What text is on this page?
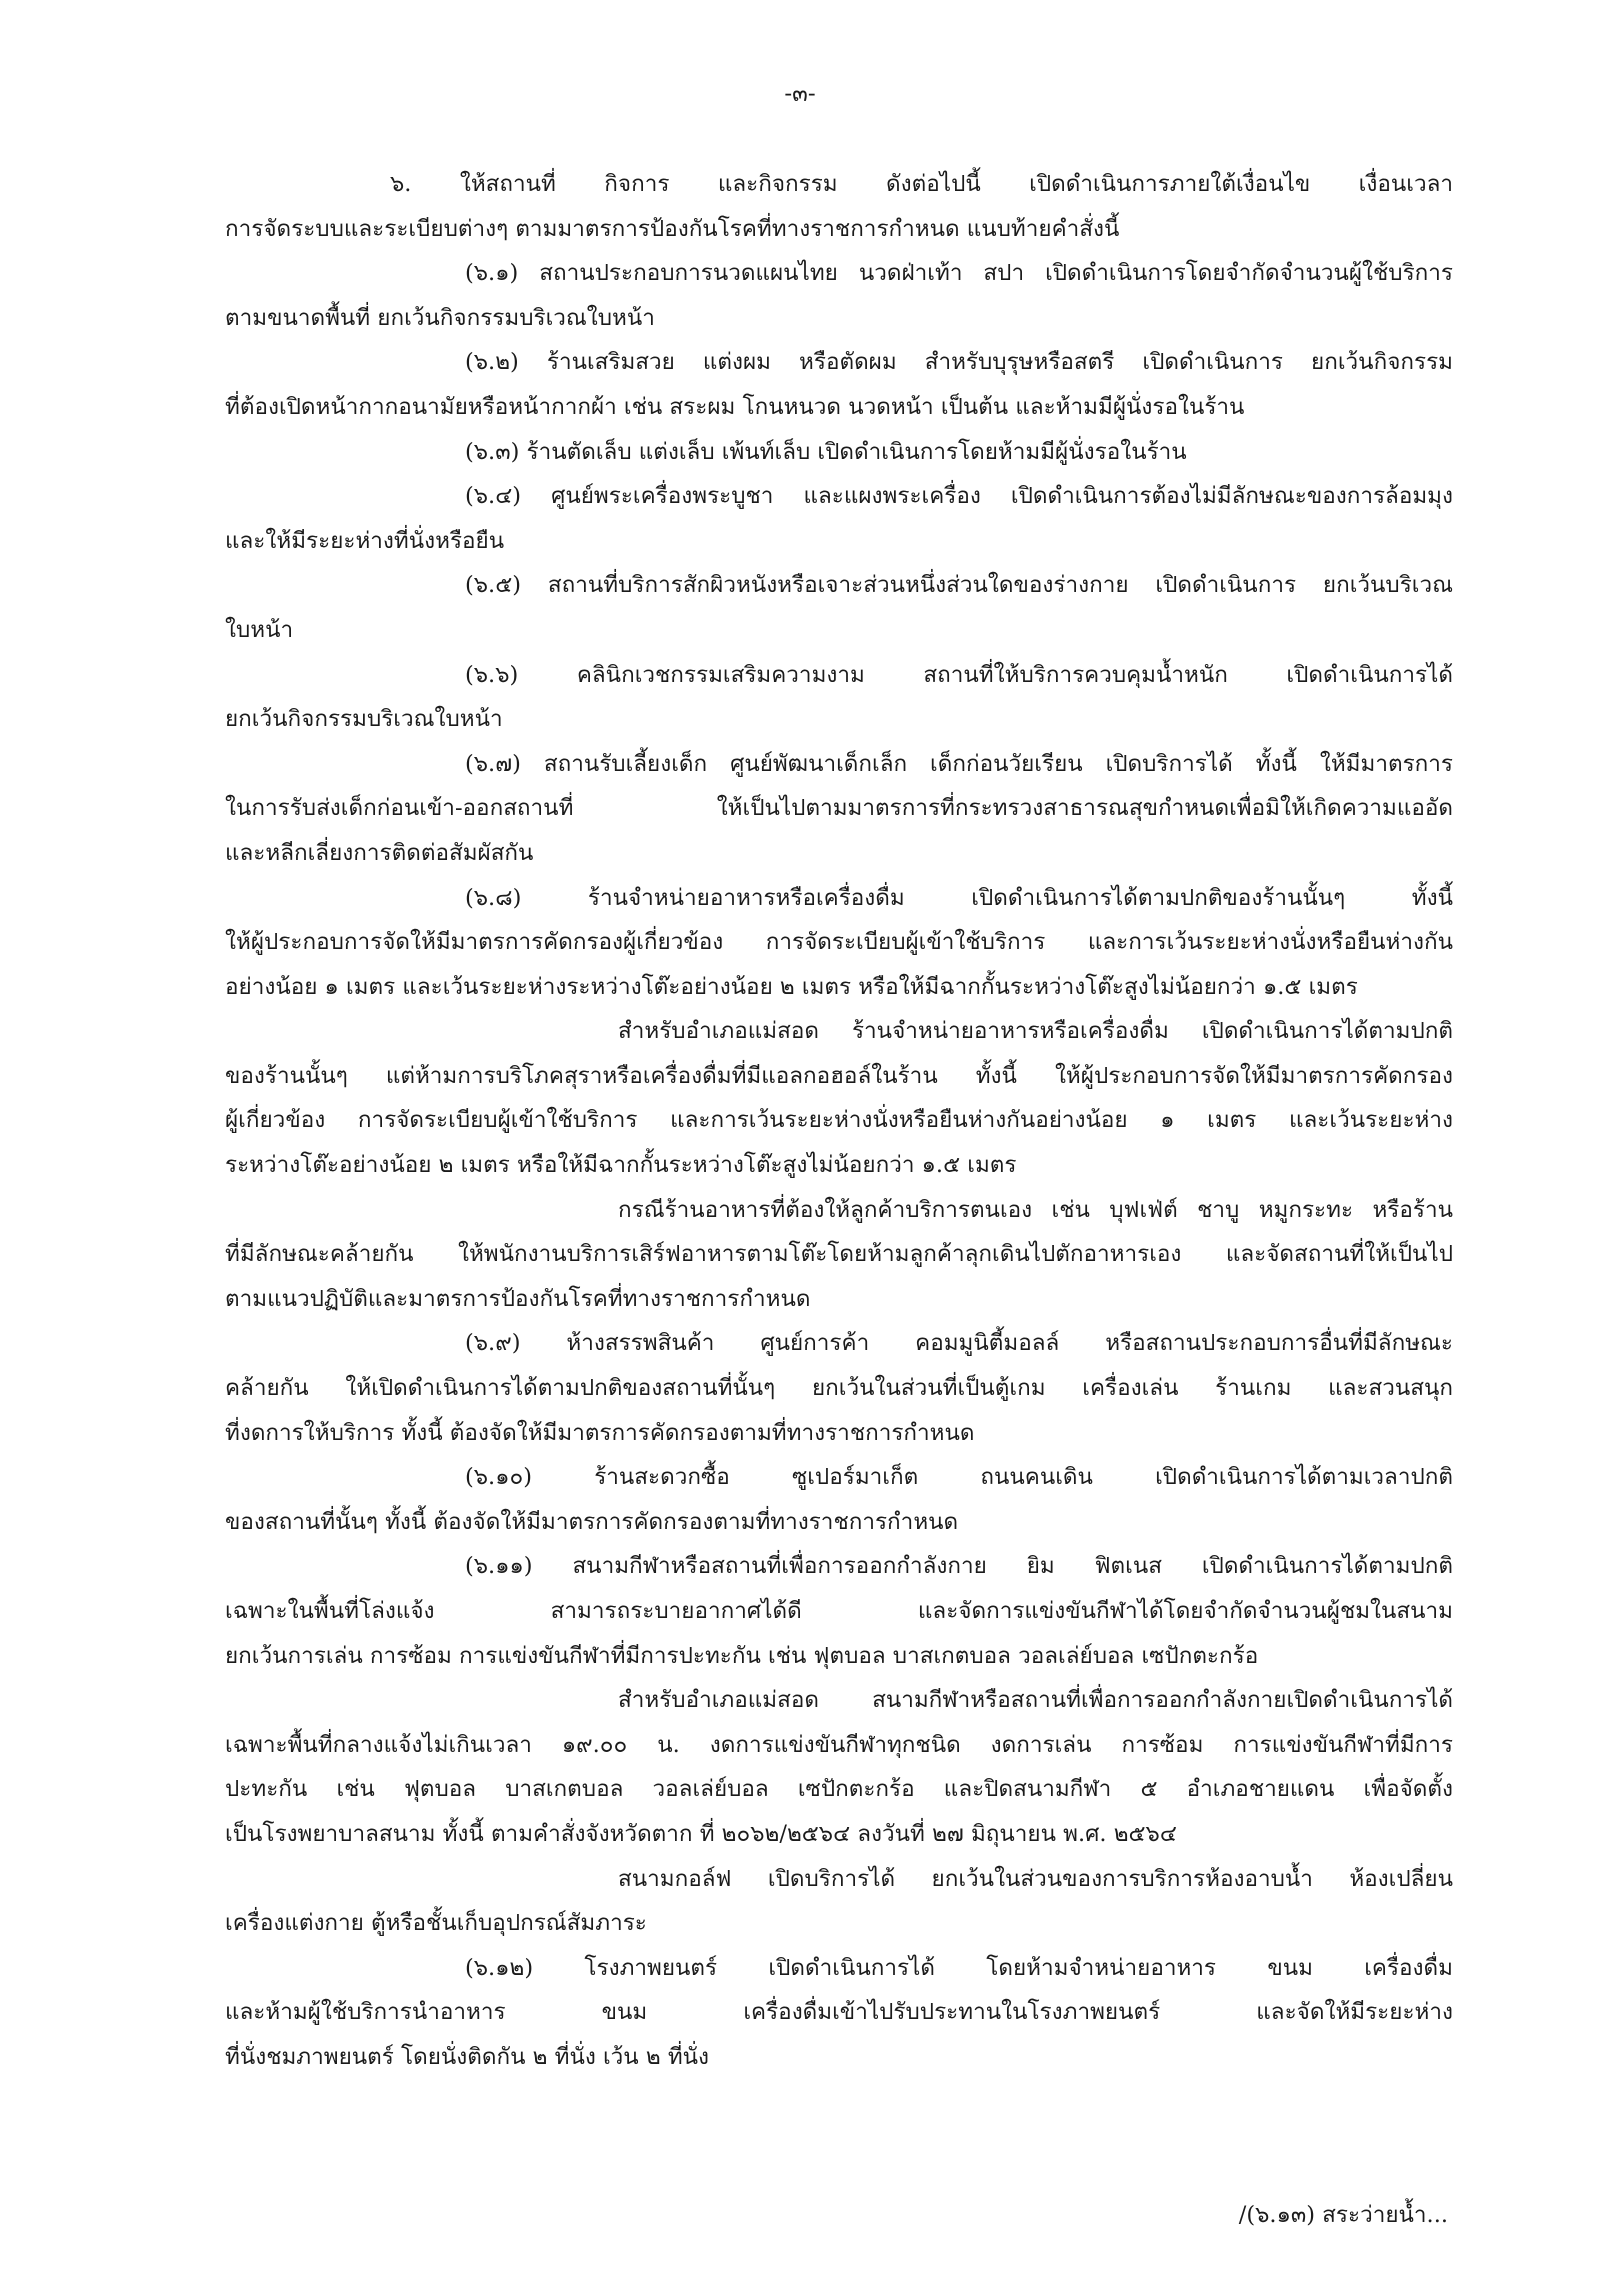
-๓-
๖. ให้สถานที่ กิจการ และกิจกรรม ดังต่อไปนี้ เปิดดำเนินการภายใต้เงื่อนไข เงื่อนเวลา
การจัดระบบและระเบียบต่างๆ ตามมาตรการป้องกันโรคที่ทางราชการกำหนด แนบท้ายคำสั่งนี้
(๖.๑) สถานประกอบการนวดแผนไทย นวดฝ่าเท้า สปา เปิดดำเนินการโดยจำกัดจำนวนผู้ใช้บริการ
ตามขนาดพื้นที่ ยกเว้นกิจกรรมบริเวณใบหน้า
(๖.๒) ร้านเสริมสวย แต่งผม หรือตัดผม สำหรับบุรุษหรือสตรี เปิดดำเนินการ ยกเว้นกิจกรรม
ที่ต้องเปิดหน้ากากอนามัยหรือหน้ากากผ้า เช่น สระผม โกนหนวด นวดหน้า เป็นต้น และห้ามมีผู้นั่งรอในร้าน
(๖.๓) ร้านตัดเล็บ แต่งเล็บ เพ้นท์เล็บ เปิดดำเนินการโดยห้ามมีผู้นั่งรอในร้าน
(๖.๔) ศูนย์พระเครื่องพระบูชา และแผงพระเครื่อง เปิดดำเนินการต้องไม่มีลักษณะของการล้อมมุง
และให้มีระยะห่างที่นั่งหรือยืน
(๖.๕) สถานที่บริการสักผิวหนังหรือเจาะส่วนหนึ่งส่วนใดของร่างกาย เปิดดำเนินการ ยกเว้นบริเวณ
ใบหน้า
(๖.๖) คลินิกเวชกรรมเสริมความงาม สถานที่ให้บริการควบคุมน้ำหนัก เปิดดำเนินการได้
ยกเว้นกิจกรรมบริเวณใบหน้า
(๖.๗) สถานรับเลี้ยงเด็ก ศูนย์พัฒนาเด็กเล็ก เด็กก่อนวัยเรียน เปิดบริการได้ ทั้งนี้ ให้มีมาตรการ
ในการรับส่งเด็กก่อนเข้า-ออกสถานที่ ให้เป็นไปตามมาตรการที่กระทรวงสาธารณสุขกำหนดเพื่อมิให้เกิดความแออัด
และหลีกเลี่ยงการติดต่อสัมผัสกัน
(๖.๘) ร้านจำหน่ายอาหารหรือเครื่องดื่ม เปิดดำเนินการได้ตามปกติของร้านนั้นๆ ทั้งนี้
ให้ผู้ประกอบการจัดให้มีมาตรการคัดกรองผู้เกี่ยวข้อง การจัดระเบียบผู้เข้าใช้บริการ และการเว้นระยะห่างนั่งหรือยืนห่างกัน
อย่างน้อย ๑ เมตร และเว้นระยะห่างระหว่างโต๊ะอย่างน้อย ๒ เมตร หรือให้มีฉากกั้นระหว่างโต๊ะสูงไม่น้อยกว่า ๑.๕ เมตร
สำหรับอำเภอแม่สอด ร้านจำหน่ายอาหารหรือเครื่องดื่ม เปิดดำเนินการได้ตามปกติ
ของร้านนั้นๆ แต่ห้ามการบริโภคสุราหรือเครื่องดื่มที่มีแอลกอฮอล์ในร้าน ทั้งนี้ ให้ผู้ประกอบการจัดให้มีมาตรการคัดกรอง
ผู้เกี่ยวข้อง การจัดระเบียบผู้เข้าใช้บริการ และการเว้นระยะห่างนั่งหรือยืนห่างกันอย่างน้อย ๑ เมตร และเว้นระยะห่าง
ระหว่างโต๊ะอย่างน้อย ๒ เมตร หรือให้มีฉากกั้นระหว่างโต๊ะสูงไม่น้อยกว่า ๑.๕ เมตร
กรณีร้านอาหารที่ต้องให้ลูกค้าบริการตนเอง เช่น บุฟเฟ่ต์ ชาบู หมูกระทะ หรือร้าน
ที่มีลักษณะคล้ายกัน ให้พนักงานบริการเสิร์ฟอาหารตามโต๊ะโดยห้ามลูกค้าลุกเดินไปตักอาหารเอง และจัดสถานที่ให้เป็นไป
ตามแนวปฏิบัติและมาตรการป้องกันโรคที่ทางราชการกำหนด
(๖.๙) ห้างสรรพสินค้า ศูนย์การค้า คอมมูนิตี้มอลล์ หรือสถานประกอบการอื่นที่มีลักษณะ
คล้ายกัน ให้เปิดดำเนินการได้ตามปกติของสถานที่นั้นๆ ยกเว้นในส่วนที่เป็นตู้เกม เครื่องเล่น ร้านเกม และสวนสนุก
ที่งดการให้บริการ ทั้งนี้ ต้องจัดให้มีมาตรการคัดกรองตามที่ทางราชการกำหนด
(๖.๑๐) ร้านสะดวกซื้อ ซูเปอร์มาเก็ต ถนนคนเดิน เปิดดำเนินการได้ตามเวลาปกติ
ของสถานที่นั้นๆ ทั้งนี้ ต้องจัดให้มีมาตรการคัดกรองตามที่ทางราชการกำหนด
(๖.๑๑) สนามกีฬาหรือสถานที่เพื่อการออกกำลังกาย ยิม ฟิตเนส เปิดดำเนินการได้ตามปกติ
เฉพาะในพื้นที่โล่งแจ้ง สามารถระบายอากาศได้ดี และจัดการแข่งขันกีฬาได้โดยจำกัดจำนวนผู้ชมในสนาม
ยกเว้นการเล่น การซ้อม การแข่งขันกีฬาที่มีการปะทะกัน เช่น ฟุตบอล บาสเกตบอล วอลเล่ย์บอล เซปักตะกร้อ
สำหรับอำเภอแม่สอด สนามกีฬาหรือสถานที่เพื่อการออกกำลังกายเปิดดำเนินการได้
เฉพาะพื้นที่กลางแจ้งไม่เกินเวลา ๑๙.๐๐ น. งดการแข่งขันกีฬาทุกชนิด งดการเล่น การซ้อม การแข่งขันกีฬาที่มีการ
ปะทะกัน เช่น ฟุตบอล บาสเกตบอล วอลเล่ย์บอล เซปักตะกร้อ และปิดสนามกีฬา ๕ อำเภอชายแดน เพื่อจัดตั้ง
เป็นโรงพยาบาลสนาม ทั้งนี้ ตามคำสั่งจังหวัดตาก ที่ ๒๐๖๒/๒๕๖๔ ลงวันที่ ๒๗ มิถุนายน พ.ศ. ๒๕๖๔
สนามกอล์ฟ เปิดบริการได้ ยกเว้นในส่วนของการบริการห้องอาบน้ำ ห้องเปลี่ยน
เครื่องแต่งกาย ตู้หรือชั้นเก็บอุปกรณ์สัมภาระ
(๖.๑๒) โรงภาพยนตร์ เปิดดำเนินการได้ โดยห้ามจำหน่ายอาหาร ขนม เครื่องดื่ม
และห้ามผู้ใช้บริการนำอาหาร ขนม เครื่องดื่มเข้าไปรับประทานในโรงภาพยนตร์ และจัดให้มีระยะห่าง
ที่นั่งชมภาพยนตร์ โดยนั่งติดกัน ๒ ที่นั่ง เว้น ๒ ที่นั่ง
/(๖.๑๓) สระว่ายน้ำ...
